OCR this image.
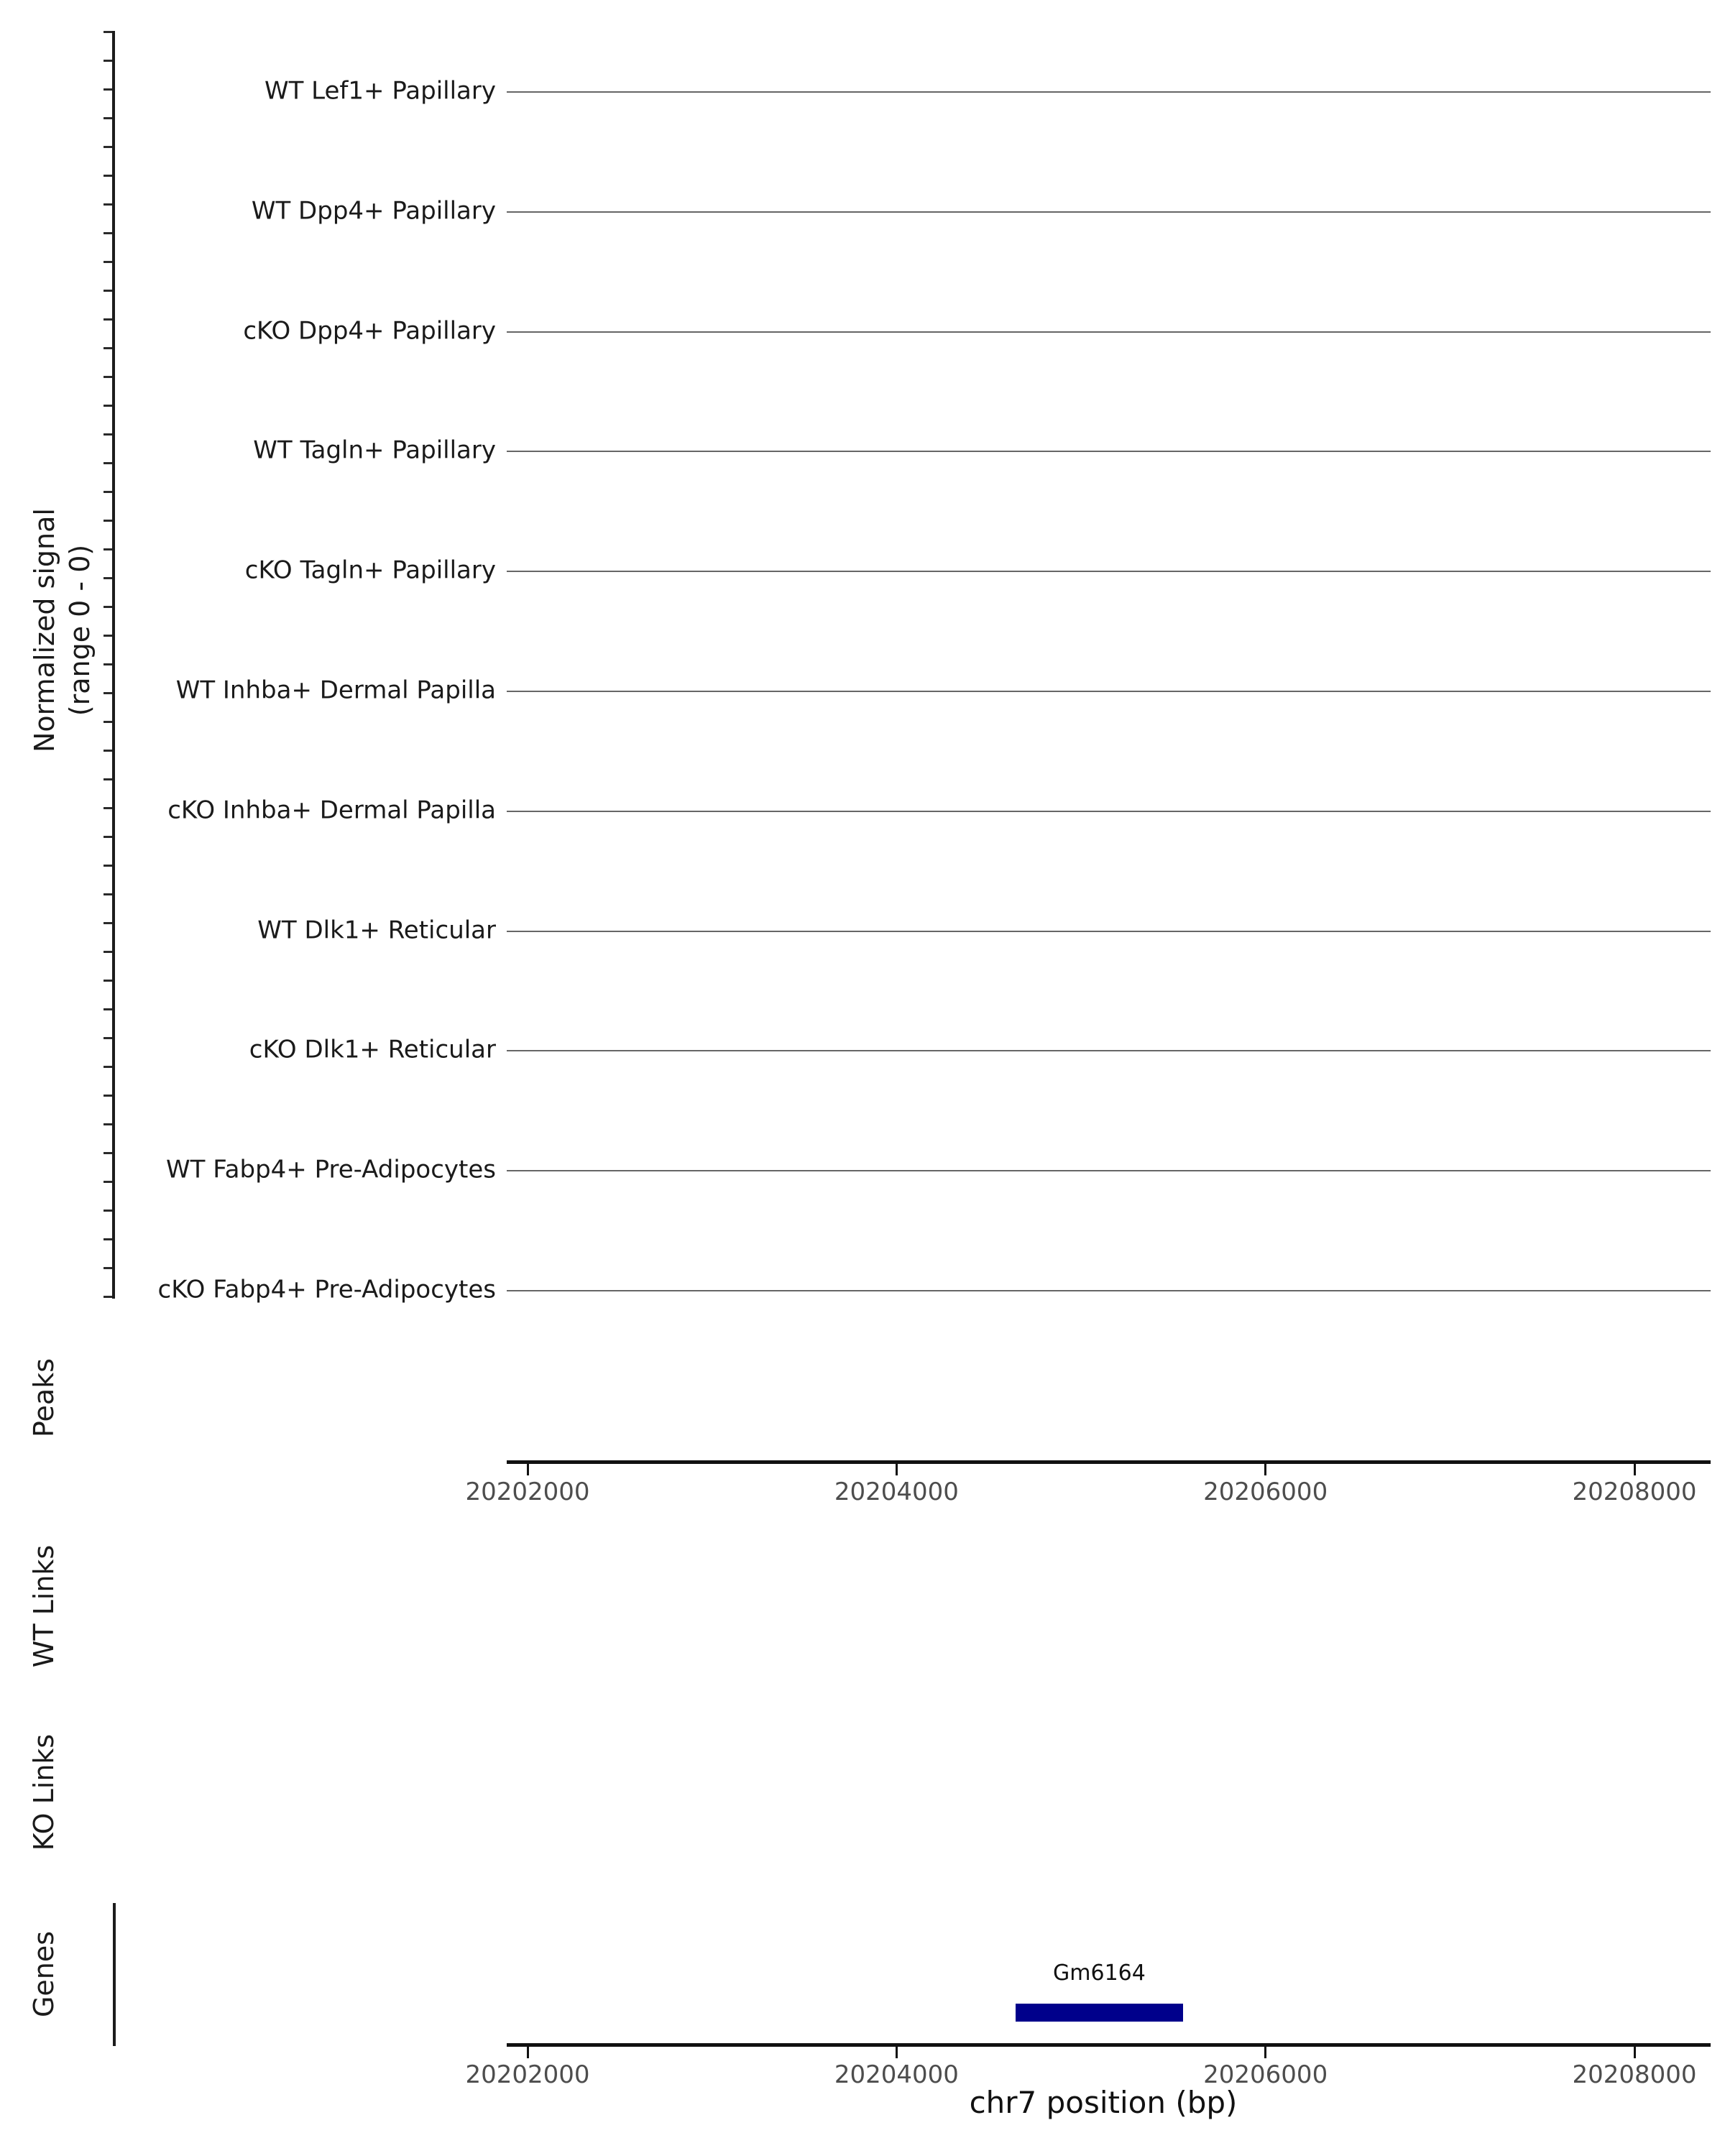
Normalized signal (range 0 - 0)
WT Lef1+ Papillary
WT Dpp4+ Papillary
cKO Dpp4+ Papillary
WT Tagln+ Papillary
cKO Tagln+ Papillary
WT Inhba+ Dermal Papilla
cKO Inhba+ Dermal Papilla
WT Dlk1+ Reticular
cKO Dlk1+ Reticular
WT Fabp4+ Pre-Adipocytes
cKO Fabp4+ Pre-Adipocytes
Peaks
WT Links
KO Links
Genes
20202000	20204000	20206000	20208000
Gm6164
20202000	20204000	20206000	20208000
chr7 position (bp)
